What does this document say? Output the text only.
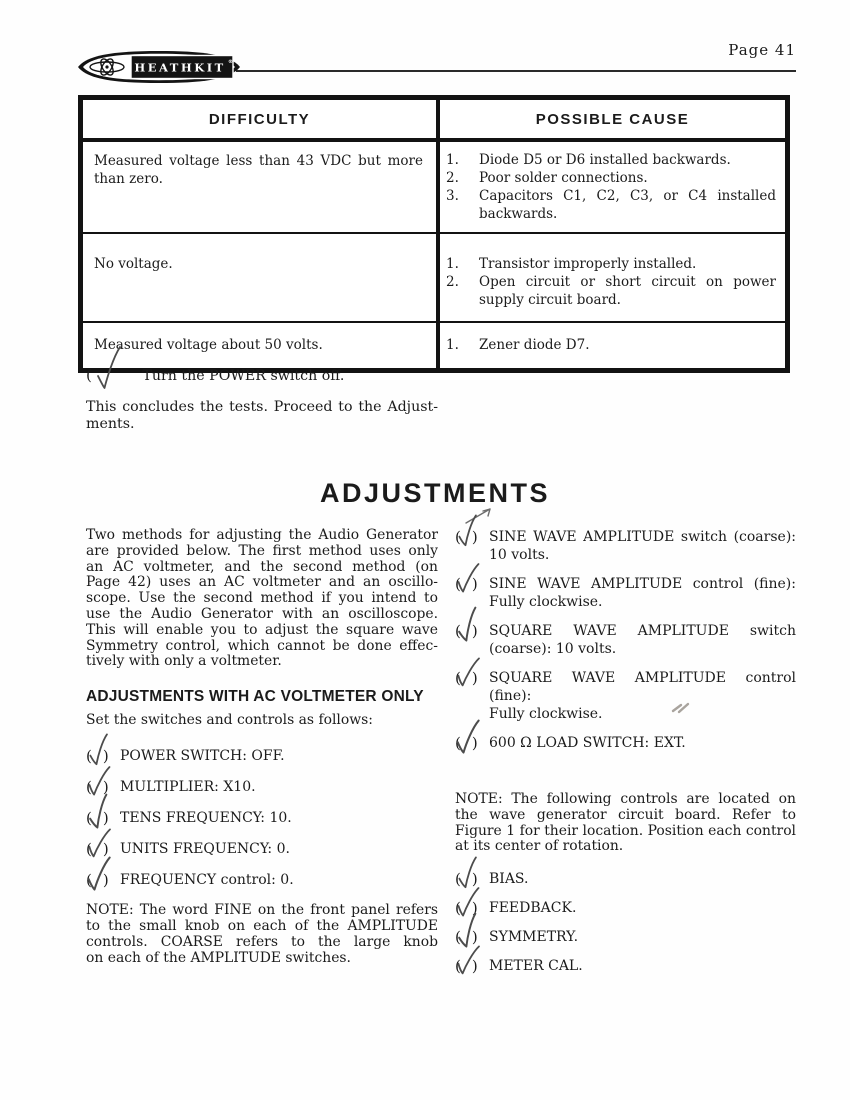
Page 41
HEATHKIT ®
DIFFICULTY	POSSIBLE CAUSE
Measured voltage less than 43 VDC but more than zero.
1.	Diode D5 or D6 installed backwards.
2.	Poor solder connections.
3.	Capacitors C1, C2, C3, or C4 installed backwards.
No voltage.	1.	Transistor improperly installed.
2.	Open circuit or short circuit on power supply circuit board.
Measured voltage about 50 volts.	1.	Zener diode D7.
(	Turn the POWER switch off.
This concludes the tests. Proceed to the Adjust-
ments.
ADJUSTMENTS
Two methods for adjusting the Audio Generator
are provided below. The first method uses only
an AC voltmeter, and the second method (on
Page 42) uses an AC voltmeter and an oscillo-
scope. Use the second method if you intend to
use the Audio Generator with an oscilloscope.
This will enable you to adjust the square wave
Symmetry control, which cannot be done effec-
tively with only a voltmeter.
ADJUSTMENTS WITH AC VOLTMETER ONLY
Set the switches and controls as follows:
( ) POWER SWITCH: OFF.
( ) MULTIPLIER: X10.
( ) TENS FREQUENCY: 10.
( ) UNITS FREQUENCY: 0.
( ) FREQUENCY control: 0.
NOTE: The word FINE on the front panel refers
to the small knob on each of the AMPLITUDE
controls. COARSE refers to the large knob
on each of the AMPLITUDE switches.
( ) SINE WAVE AMPLITUDE switch (coarse):
10 volts.
( ) SINE WAVE AMPLITUDE control (fine):
Fully clockwise.
( ) SQUARE WAVE AMPLITUDE switch
(coarse): 10 volts.
( ) SQUARE WAVE AMPLITUDE control (fine):
Fully clockwise.
( ) 600 Ω LOAD SWITCH: EXT.
NOTE: The following controls are located on
the wave generator circuit board. Refer to
Figure 1 for their location. Position each control
at its center of rotation.
( ) BIAS.
( ) FEEDBACK.
( ) SYMMETRY.
( ) METER CAL.
